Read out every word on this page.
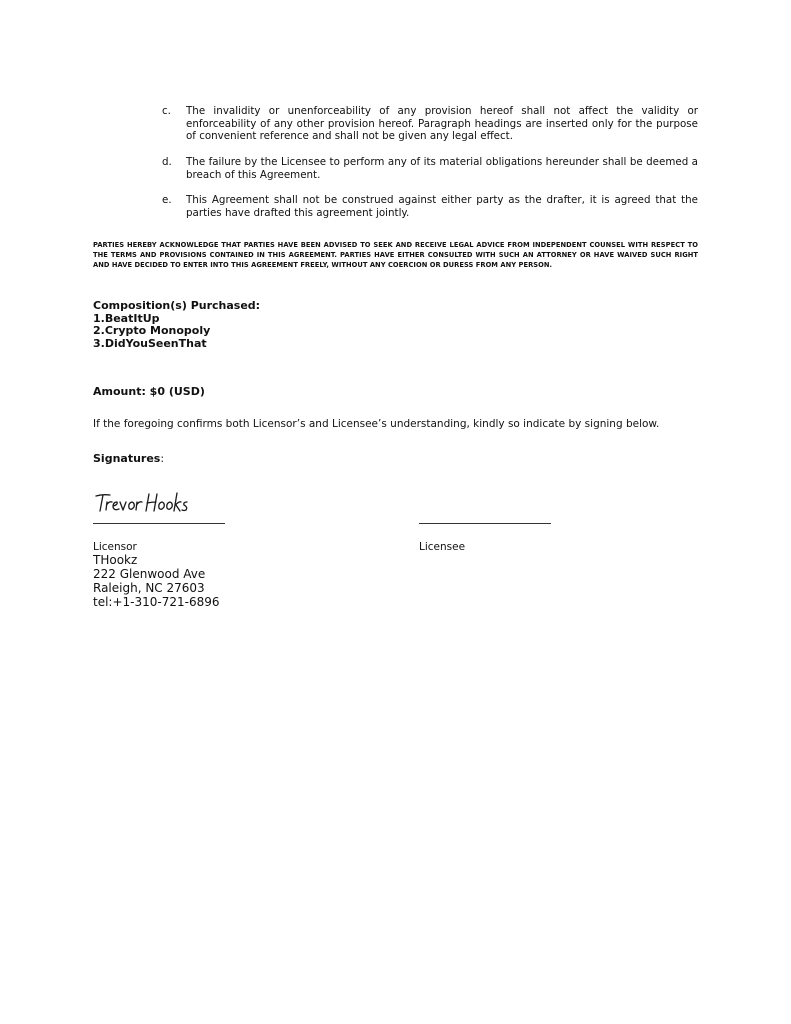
c.	The invalidity or unenforceability of any provision hereof shall not affect the validity or enforceability of any other provision hereof. Paragraph headings are inserted only for the purpose of convenient reference and shall not be given any legal effect.
d.	The failure by the Licensee to perform any of its material obligations hereunder shall be deemed a breach of this Agreement.
e.	This Agreement shall not be construed against either party as the drafter, it is agreed that the parties have drafted this agreement jointly.
PARTIES HEREBY ACKNOWLEDGE THAT PARTIES HAVE BEEN ADVISED TO SEEK AND RECEIVE LEGAL ADVICE FROM INDEPENDENT COUNSEL WITH RESPECT TO THE TERMS AND PROVISIONS CONTAINED IN THIS AGREEMENT. PARTIES HAVE EITHER CONSULTED WITH SUCH AN ATTORNEY OR HAVE WAIVED SUCH RIGHT AND HAVE DECIDED TO ENTER INTO THIS AGREEMENT FREELY, WITHOUT ANY COERCION OR DURESS FROM ANY PERSON.
Composition(s) Purchased:
1.BeatItUp
2.Crypto Monopoly
3.DidYouSeenThat
Amount: $0 (USD)
If the foregoing confirms both Licensor’s and Licensee’s understanding, kindly so indicate by signing below.
Signatures:
Licensor	Licensee
THookz
222 Glenwood Ave
Raleigh, NC 27603
tel:+1-310-721-6896
